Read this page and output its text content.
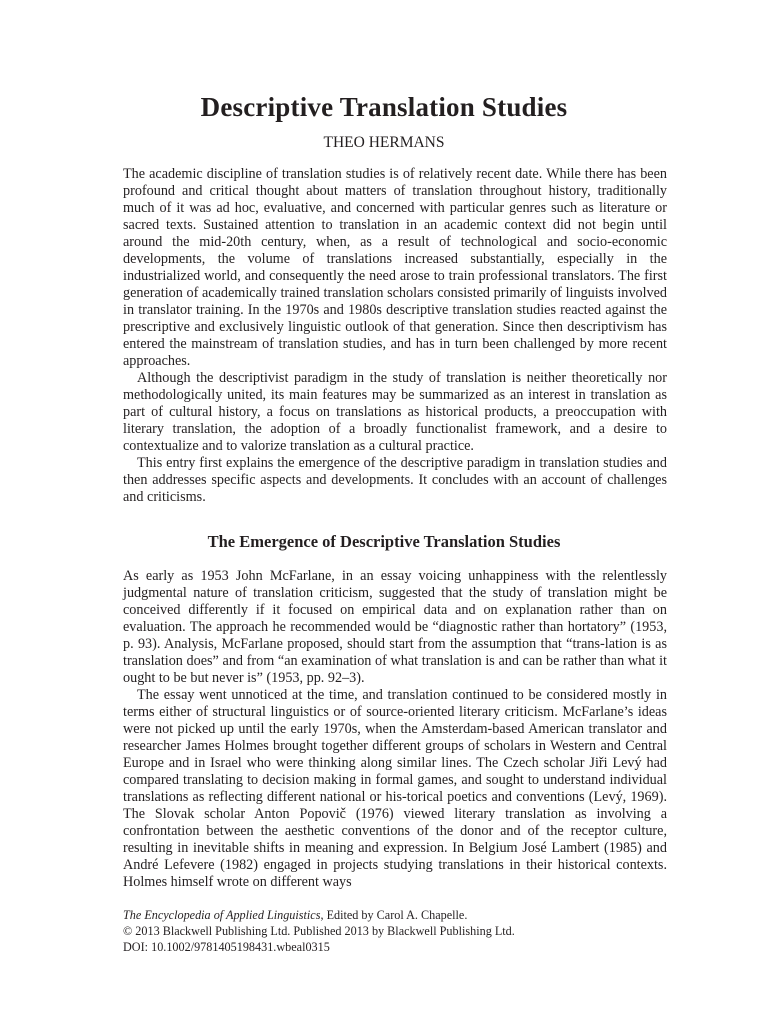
Descriptive Translation Studies
THEO HERMANS

The academic discipline of translation studies is of relatively recent date. While there has been profound and critical thought about matters of translation throughout history, traditionally much of it was ad hoc, evaluative, and concerned with particular genres such as literature or sacred texts. Sustained attention to translation in an academic context did not begin until around the mid-20th century, when, as a result of technological and socio-economic developments, the volume of translations increased substantially, especially in the industrialized world, and consequently the need arose to train professional translators. The first generation of academically trained translation scholars consisted primarily of linguists involved in translator training. In the 1970s and 1980s descriptive translation studies reacted against the prescriptive and exclusively linguistic outlook of that generation. Since then descriptivism has entered the mainstream of translation studies, and has in turn been challenged by more recent approaches.

Although the descriptivist paradigm in the study of translation is neither theoretically nor methodologically united, its main features may be summarized as an interest in translation as part of cultural history, a focus on translations as historical products, a preoccupation with literary translation, the adoption of a broadly functionalist framework, and a desire to contextualize and to valorize translation as a cultural practice.

This entry first explains the emergence of the descriptive paradigm in translation studies and then addresses specific aspects and developments. It concludes with an account of challenges and criticisms.

The Emergence of Descriptive Translation Studies

As early as 1953 John McFarlane, in an essay voicing unhappiness with the relentlessly judgmental nature of translation criticism, suggested that the study of translation might be conceived differently if it focused on empirical data and on explanation rather than on evaluation. The approach he recommended would be “diagnostic rather than hortatory” (1953, p. 93). Analysis, McFarlane proposed, should start from the assumption that “trans-lation is as translation does” and from “an examination of what translation is and can be rather than what it ought to be but never is” (1953, pp. 92–3).

The essay went unnoticed at the time, and translation continued to be considered mostly in terms either of structural linguistics or of source-oriented literary criticism. McFarlane’s ideas were not picked up until the early 1970s, when the Amsterdam-based American translator and researcher James Holmes brought together different groups of scholars in Western and Central Europe and in Israel who were thinking along similar lines. The Czech scholar Jiři Levý had compared translating to decision making in formal games, and sought to understand individual translations as reflecting different national or his-torical poetics and conventions (Levý, 1969). The Slovak scholar Anton Popovič (1976) viewed literary translation as involving a confrontation between the aesthetic conventions of the donor and of the receptor culture, resulting in inevitable shifts in meaning and expression. In Belgium José Lambert (1985) and André Lefevere (1982) engaged in projects studying translations in their historical contexts. Holmes himself wrote on different ways

The Encyclopedia of Applied Linguistics, Edited by Carol A. Chapelle.
© 2013 Blackwell Publishing Ltd. Published 2013 by Blackwell Publishing Ltd.
DOI: 10.1002/9781405198431.wbeal0315
